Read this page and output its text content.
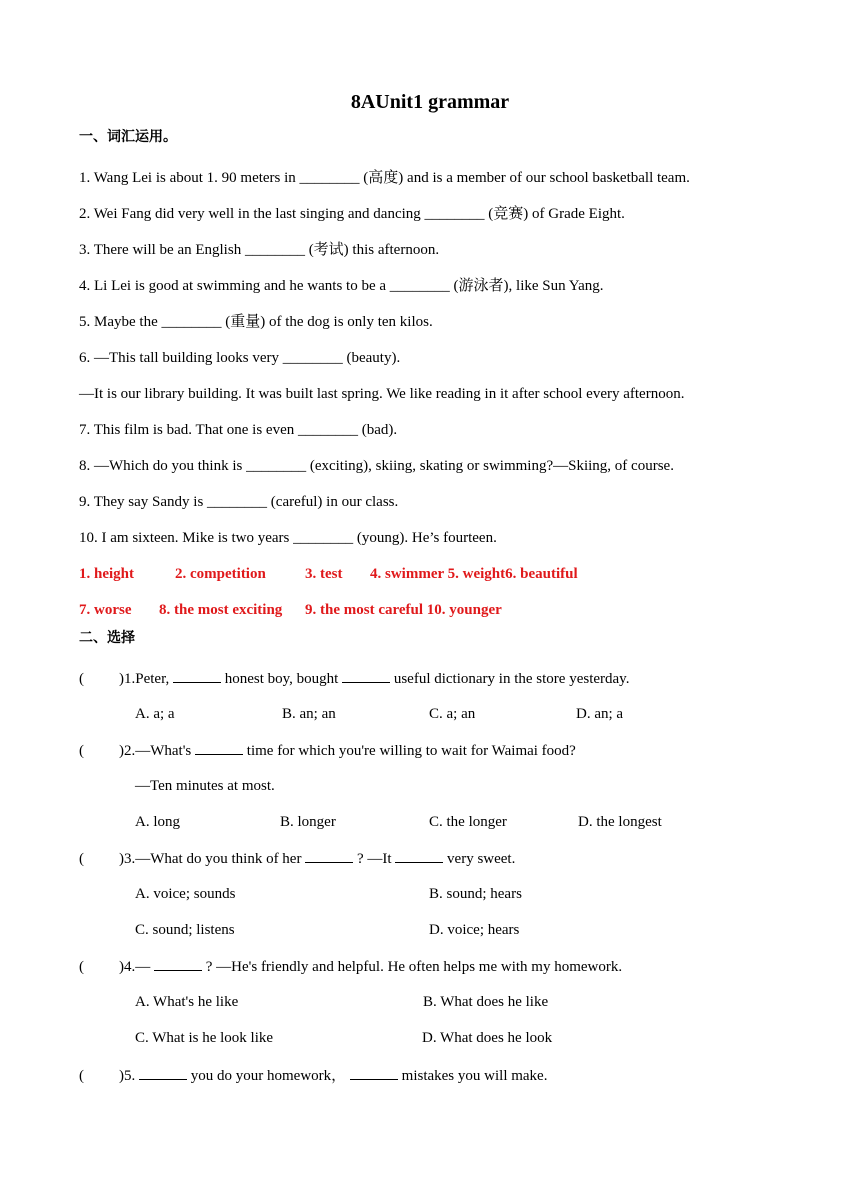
8AUnit1 grammar
一、词汇运用。
1. Wang Lei is about 1. 90 meters in ________ (高度) and is a member of our school basketball team.
2. Wei Fang did very well in the last singing and dancing ________ (竞赛) of Grade Eight.
3. There will be an English ________ (考试) this afternoon.
4. Li Lei is good at swimming and he wants to be a ________ (游泳者), like Sun Yang.
5. Maybe the ________ (重量) of the dog is only ten kilos.
6. —This tall building looks very ________ (beauty).
—It is our library building. It was built last spring. We like reading in it after school every afternoon.
7. This film is bad. That one is even ________ (bad).
8. —Which do you think is ________ (exciting), skiing, skating or swimming?—Skiing, of course.
9. They say Sandy is ________ (careful) in our class.
10. I am sixteen. Mike is two years ________ (young). He’s fourteen.
1. height	2. competition	3. test 4. swimmer 5. weight6. beautiful
7. worse 8. the most exciting 9. the most careful 10. younger
二、选择
( )1.Peter,	honest boy, bought	useful dictionary in the store yesterday.
A. a; a	B. an; an	C. a; an	D. an; a
( )2.—What's	time for which you're willing to wait for Waimai food?
—Ten minutes at most.
A. long	B. longer	C. the longer	D. the longest
( )3.—What do you think of her	? —It	very sweet.
A. voice; sounds	B. sound; hears
C. sound; listens	D. voice; hears
( )4.—	? —He's friendly and helpful. He often helps me with my homework.
A. What's he like	B. What does he like
C. What is he look like	D. What does he look
( )5.	you do your homework，	mistakes you will make.
